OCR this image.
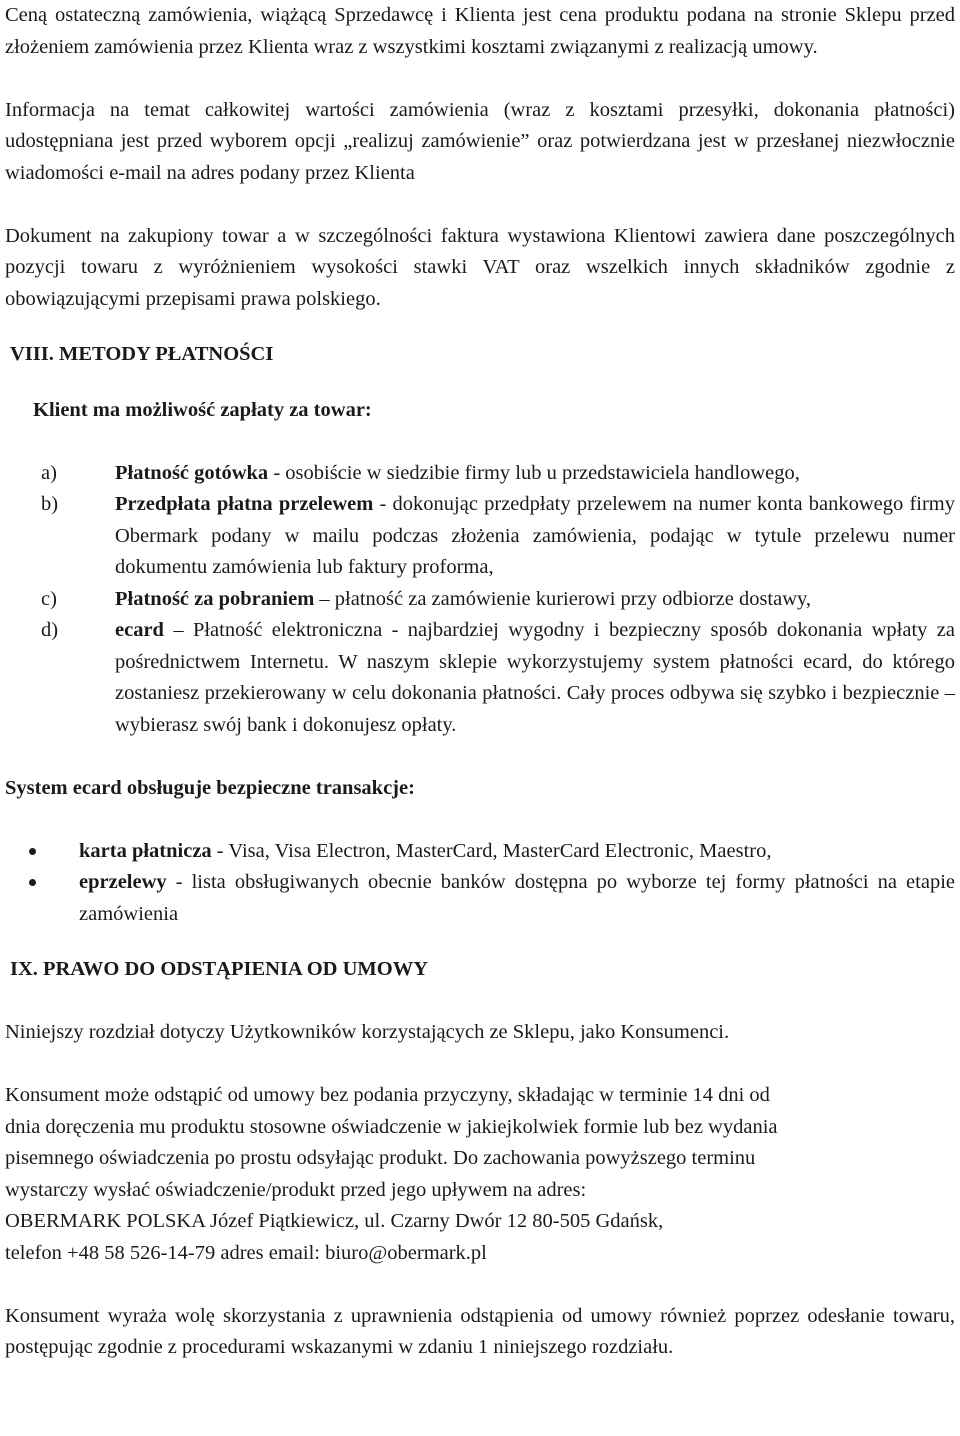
Ceną ostateczną zamówienia, wiążącą Sprzedawcę i Klienta jest cena produktu podana na stronie Sklepu przed złożeniem zamówienia przez Klienta wraz z wszystkimi kosztami związanymi z realizacją umowy.

Informacja na temat całkowitej wartości zamówienia (wraz z kosztami przesyłki, dokonania płatności) udostępniana jest przed wyborem opcji „realizuj zamówienie” oraz potwierdzana jest w przesłanej niezwłocznie wiadomości e-mail na adres podany przez Klienta

Dokument na zakupiony towar a w szczególności faktura wystawiona Klientowi zawiera dane poszczególnych pozycji towaru z wyróżnieniem wysokości stawki VAT oraz wszelkich innych składników zgodnie z obowiązującymi przepisami prawa polskiego.

VIII. METODY PŁATNOŚCI
Klient ma możliwość zapłaty za towar:
a)	Płatność gotówka - osobiście w siedzibie firmy lub u przedstawiciela handlowego,
b)	Przedpłata płatna przelewem - dokonując przedpłaty przelewem na numer konta bankowego firmy Obermark podany w mailu podczas złożenia zamówienia, podając w tytule przelewu numer dokumentu zamówienia lub faktury proforma,
c)	Płatność za pobraniem – płatność za zamówienie kurierowi przy odbiorze dostawy,
d)	ecard – Płatność elektroniczna - najbardziej wygodny i bezpieczny sposób dokonania wpłaty za pośrednictwem Internetu. W naszym sklepie wykorzystujemy system płatności ecard, do którego zostaniesz przekierowany w celu dokonania płatności. Cały proces odbywa się szybko i bezpiecznie – wybierasz swój bank i dokonujesz opłaty.
System ecard obsługuje bezpieczne transakcje:
karta płatnicza - Visa, Visa Electron, MasterCard, MasterCard Electronic, Maestro,
eprzelewy - lista obsługiwanych obecnie banków dostępna po wyborze tej formy płatności na etapie zamówienia
IX. PRAWO DO ODSTĄPIENIA OD UMOWY

Niniejszy rozdział dotyczy Użytkowników korzystających ze Sklepu, jako Konsumenci.

Konsument może odstąpić od umowy bez podania przyczyny, składając w terminie 14 dni od
dnia doręczenia mu produktu stosowne oświadczenie w jakiejkolwiek formie lub bez wydania
pisemnego oświadczenia po prostu odsyłając produkt. Do zachowania powyższego terminu
wystarczy wysłać oświadczenie/produkt przed jego upływem na adres:
OBERMARK POLSKA Józef Piątkiewicz, ul. Czarny Dwór 12 80-505 Gdańsk,
telefon +48 58 526-14-79 adres email: biuro@obermark.pl

Konsument wyraża wolę skorzystania z uprawnienia odstąpienia od umowy również poprzez odesłanie towaru, postępując zgodnie z procedurami wskazanymi w zdaniu 1 niniejszego rozdziału.
